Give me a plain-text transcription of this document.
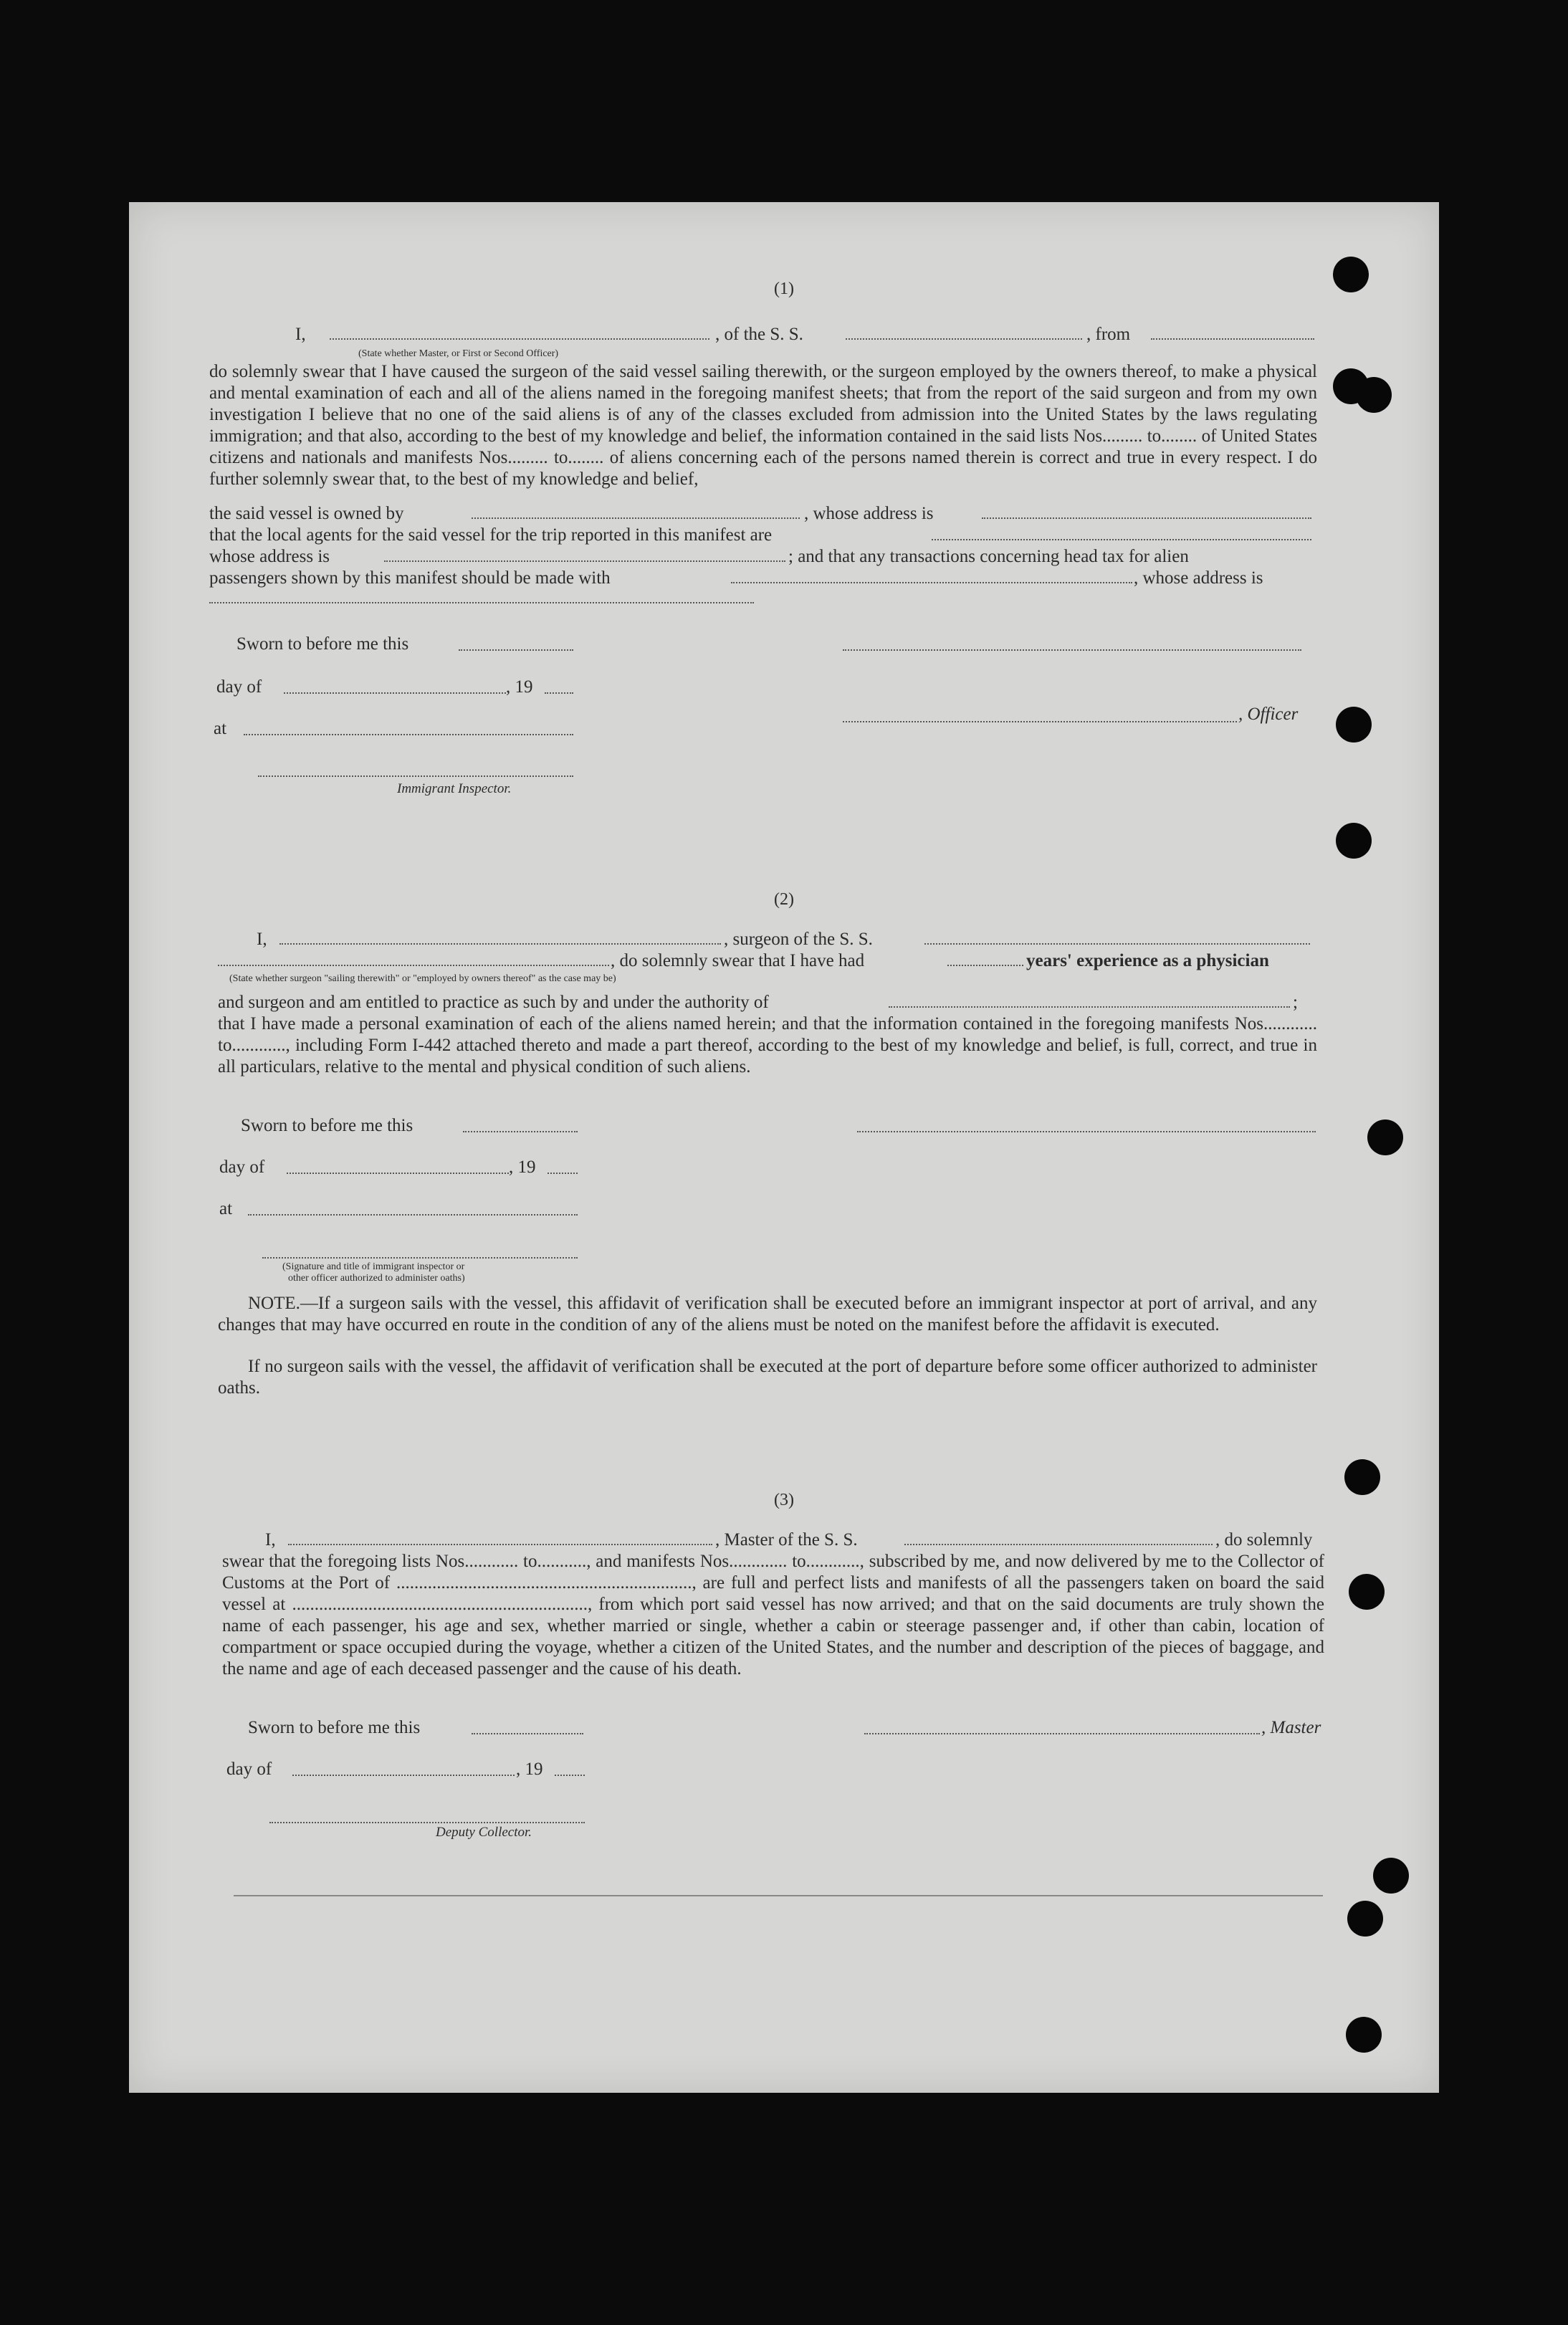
(1)
I,	, of the S. S.	, from
(State whether Master, or First or Second Officer)
do solemnly swear that I have caused the surgeon of the said vessel sailing therewith, or the surgeon employed by the owners thereof, to make a physical and mental examination of each and all of the aliens named in the foregoing manifest sheets; that from the report of the said surgeon and from my own investigation I believe that no one of the said aliens is of any of the classes excluded from admission into the United States by the laws regulating immigration; and that also, according to the best of my knowledge and belief, the information contained in the said lists Nos......... to........ of United States citizens and nationals and manifests Nos......... to........ of aliens concerning each of the persons named therein is correct and true in every respect. I do further solemnly swear that, to the best of my knowledge and belief,
the said vessel is owned by	, whose address is
that the local agents for the said vessel for the trip reported in this manifest are
whose address is	; and that any transactions concerning head tax for alien
passengers shown by this manifest should be made with	, whose address is
Sworn to before me this
day of	, 19
, Officer
at
Immigrant Inspector.
(2)
I,	, surgeon of the S. S.
, do solemnly swear that I have had	years' experience as a physician
(State whether surgeon "sailing therewith" or "employed by owners thereof" as the case may be)
and surgeon and am entitled to practice as such by and under the authority of	;
that I have made a personal examination of each of the aliens named herein; and that the information contained in the foregoing manifests Nos............ to............, including Form I-442 attached thereto and made a part thereof, according to the best of my knowledge and belief, is full, correct, and true in all particulars, relative to the mental and physical condition of such aliens.
Sworn to before me this
day of	, 19
at
(Signature and title of immigrant inspector or
other officer authorized to administer oaths)
NOTE.—If a surgeon sails with the vessel, this affidavit of verification shall be executed before an immigrant inspector at port of arrival, and any changes that may have occurred en route in the condition of any of the aliens must be noted on the manifest before the affidavit is executed.
If no surgeon sails with the vessel, the affidavit of verification shall be executed at the port of departure before some officer authorized to administer oaths.
(3)
I,	, Master of the S. S.	, do solemnly
swear that the foregoing lists Nos............ to..........., and manifests Nos............. to............, subscribed by me, and now delivered by me to the Collector of Customs at the Port of .................................................................., are full and perfect lists and manifests of all the passengers taken on board the said vessel at .................................................................., from which port said vessel has now arrived; and that on the said documents are truly shown the name of each passenger, his age and sex, whether married or single, whether a cabin or steerage passenger and, if other than cabin, location of compartment or space occupied during the voyage, whether a citizen of the United States, and the number and description of the pieces of baggage, and the name and age of each deceased passenger and the cause of his death.
Sworn to before me this	, Master
day of	, 19
Deputy Collector.
